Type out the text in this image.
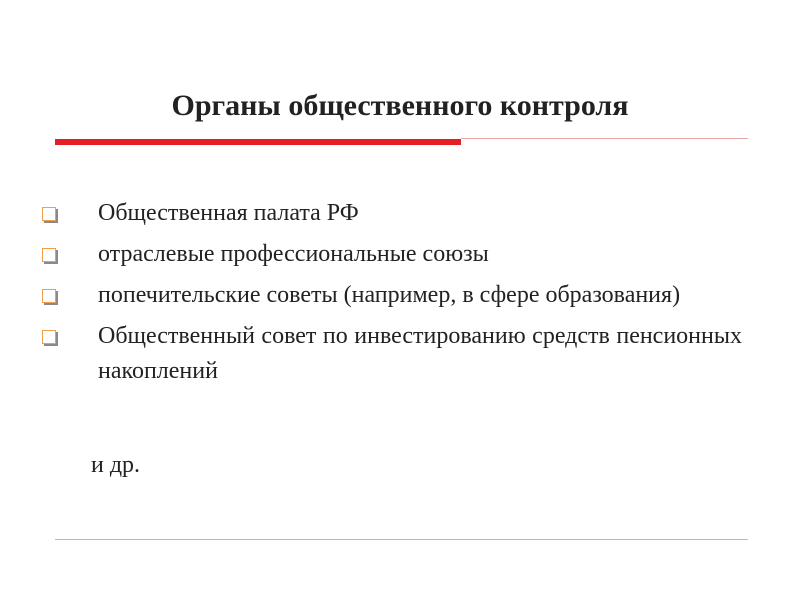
Органы общественного контроля
Общественная палата РФ
отраслевые профессиональные союзы
попечительские советы (например, в сфере образования)
Общественный совет по инвестированию средств пенсионных накоплений
и др.
